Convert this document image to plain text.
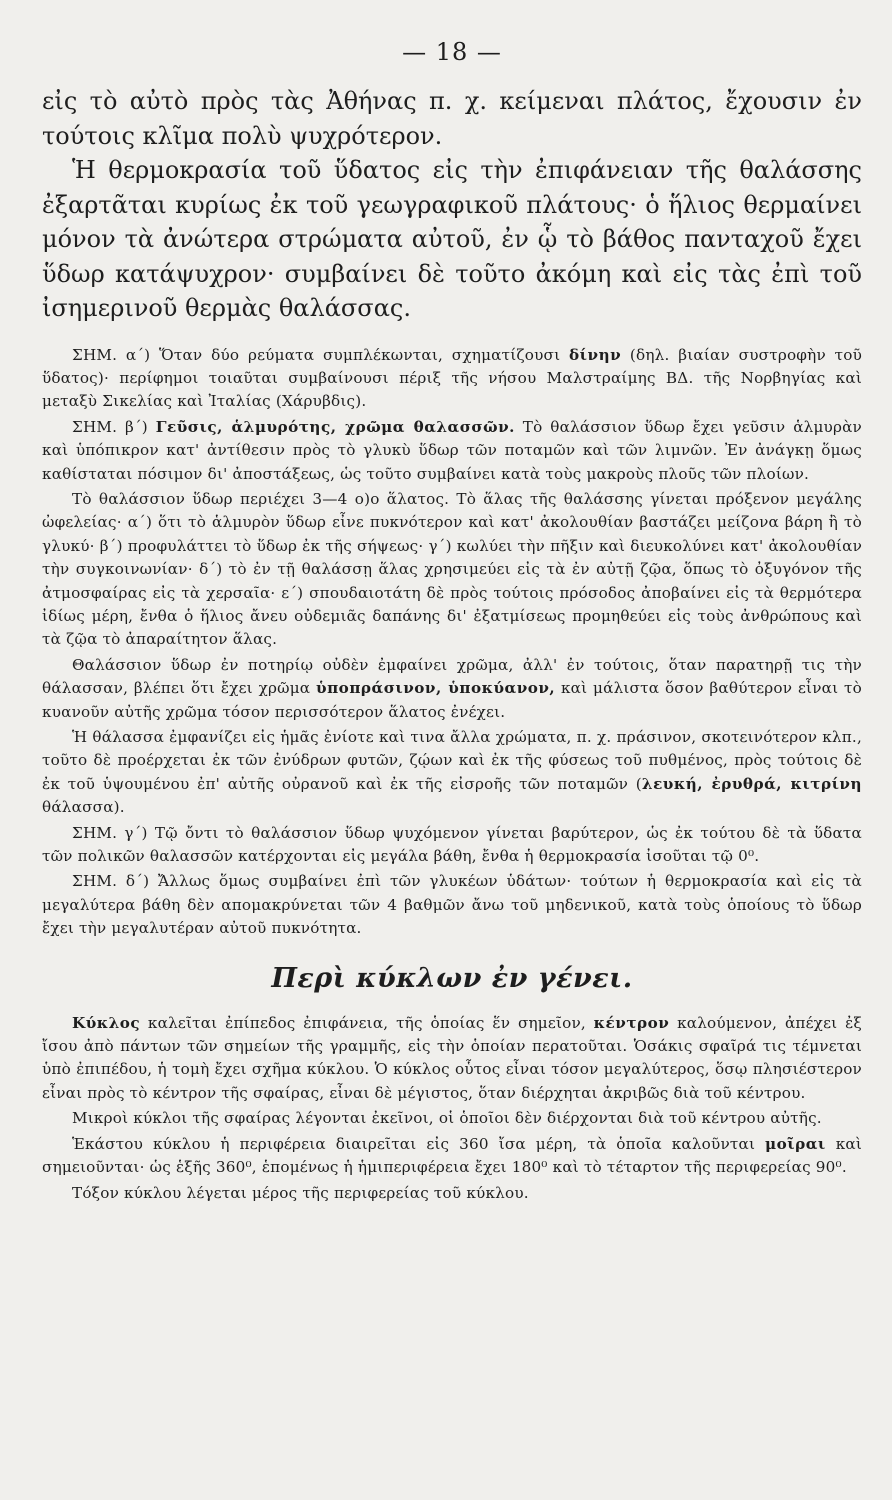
— 18 —

εἰς τὸ αὐτὸ πρὸς τὰς Ἀθήνας π. χ. κείμεναι πλάτος, ἔχουσιν ἐν τούτοις κλῖμα πολὺ ψυχρότερον.

Ἡ θερμοκρασία τοῦ ὕδατος εἰς τὴν ἐπιφάνειαν τῆς θαλάσσης ἐξαρτᾶται κυρίως ἐκ τοῦ γεωγραφικοῦ πλάτους· ὁ ἥλιος θερμαίνει μόνον τὰ ἀνώτερα στρώματα αὐτοῦ, ἐν ᾧ τὸ βάθος πανταχοῦ ἔχει ὕδωρ κατάψυχρον· συμβαίνει δὲ τοῦτο ἀκόμη καὶ εἰς τὰς ἐπὶ τοῦ ἰσημερινοῦ θερμὰς θαλάσσας.

ΣΗΜ. α΄) Ὅταν δύο ρεύματα συμπλέκωνται, σχηματίζουσι δίνην (δηλ. βιαίαν συστροφὴν τοῦ ὕδατος)· περίφημοι τοιαῦται συμβαίνουσι πέριξ τῆς νήσου Μαλστραίμης ΒΔ. τῆς Νορβηγίας καὶ μεταξὺ Σικελίας καὶ Ἰταλίας (Χάρυβδις).

ΣΗΜ. β΄) Γεῦσις, ἁλμυρότης, χρῶμα θαλασσῶν. Τὸ θαλάσσιον ὕδωρ ἔχει γεῦσιν ἁλμυρὰν καὶ ὑπόπικρον κατ' ἀντίθεσιν πρὸς τὸ γλυκὺ ὕδωρ τῶν ποταμῶν καὶ τῶν λιμνῶν. Ἐν ἀνάγκῃ ὅμως καθίσταται πόσιμον δι' ἀποστάξεως, ὡς τοῦτο συμβαίνει κατὰ τοὺς μακροὺς πλοῦς τῶν πλοίων.

Τὸ θαλάσσιον ὕδωρ περιέχει 3—4 ο)ο ἅλατος. Τὸ ἅλας τῆς θαλάσσης γίνεται πρόξενον μεγάλης ὠφελείας· α΄) ὅτι τὸ ἁλμυρὸν ὕδωρ εἶνε πυκνότερον καὶ κατ' ἀκολουθίαν βαστάζει μείζονα βάρη ἢ τὸ γλυκύ· β΄) προφυλάττει τὸ ὕδωρ ἐκ τῆς σήψεως· γ΄) κωλύει τὴν πῆξιν καὶ διευκολύνει κατ' ἀκολουθίαν τὴν συγκοινωνίαν· δ΄) τὸ ἐν τῇ θαλάσσῃ ἅλας χρησιμεύει εἰς τὰ ἐν αὐτῇ ζῷα, ὅπως τὸ ὀξυγόνον τῆς ἀτμοσφαίρας εἰς τὰ χερσαῖα· ε΄) σπουδαιοτάτη δὲ πρὸς τούτοις πρόσοδος ἀποβαίνει εἰς τὰ θερμότερα ἰδίως μέρη, ἔνθα ὁ ἥλιος ἄνευ οὐδεμιᾶς δαπάνης δι' ἐξατμίσεως προμηθεύει εἰς τοὺς ἀνθρώπους καὶ τὰ ζῷα τὸ ἀπαραίτητον ἅλας.

Θαλάσσιον ὕδωρ ἐν ποτηρίῳ οὐδὲν ἐμφαίνει χρῶμα, ἀλλ' ἐν τούτοις, ὅταν παρατηρῇ τις τὴν θάλασσαν, βλέπει ὅτι ἔχει χρῶμα ὑποπράσινον, ὑποκύανον, καὶ μάλιστα ὅσον βαθύτερον εἶναι τὸ κυανοῦν αὐτῆς χρῶμα τόσον περισσότερον ἅλατος ἐνέχει.

Ἡ θάλασσα ἐμφανίζει εἰς ἡμᾶς ἐνίοτε καὶ τινα ἄλλα χρώματα, π. χ. πράσινον, σκοτεινότερον κλπ., τοῦτο δὲ προέρχεται ἐκ τῶν ἐνύδρων φυτῶν, ζῴων καὶ ἐκ τῆς φύσεως τοῦ πυθμένος, πρὸς τούτοις δὲ ἐκ τοῦ ὑψουμένου ἐπ' αὐτῆς οὐρανοῦ καὶ ἐκ τῆς εἰσροῆς τῶν ποταμῶν (λευκή, ἐρυθρά, κιτρίνη θάλασσα).

ΣΗΜ. γ΄) Τῷ ὄντι τὸ θαλάσσιον ὕδωρ ψυχόμενον γίνεται βαρύτερον, ὡς ἐκ τούτου δὲ τὰ ὕδατα τῶν πολικῶν θαλασσῶν κατέρχονται εἰς μεγάλα βάθη, ἔνθα ἡ θερμοκρασία ἰσοῦται τῷ 0⁰.

ΣΗΜ. δ΄) Ἄλλως ὅμως συμβαίνει ἐπὶ τῶν γλυκέων ὑδάτων· τούτων ἡ θερμοκρασία καὶ εἰς τὰ μεγαλύτερα βάθη δὲν απομακρύνεται τῶν 4 βαθμῶν ἄνω τοῦ μηδενικοῦ, κατὰ τοὺς ὁποίους τὸ ὕδωρ ἔχει τὴν μεγαλυτέραν αὐτοῦ πυκνότητα.

Περὶ κύκλων ἐν γένει.

Κύκλος καλεῖται ἐπίπεδος ἐπιφάνεια, τῆς ὁποίας ἕν σημεῖον, κέντρον καλούμενον, ἀπέχει ἐξ ἴσου ἀπὸ πάντων τῶν σημείων τῆς γραμμῆς, εἰς τὴν ὁποίαν περατοῦται. Ὁσάκις σφαῖρά τις τέμνεται ὑπὸ ἐπιπέδου, ἡ τομὴ ἔχει σχῆμα κύκλου. Ὁ κύκλος οὗτος εἶναι τόσον μεγαλύτερος, ὅσῳ πλησιέστερον εἶναι πρὸς τὸ κέντρον τῆς σφαίρας, εἶναι δὲ μέγιστος, ὅταν διέρχηται ἀκριβῶς διὰ τοῦ κέντρου.

Μικροὶ κύκλοι τῆς σφαίρας λέγονται ἐκεῖνοι, οἱ ὁποῖοι δὲν διέρχονται διὰ τοῦ κέντρου αὐτῆς.

Ἑκάστου κύκλου ἡ περιφέρεια διαιρεῖται εἰς 360 ἴσα μέρη, τὰ ὁποῖα καλοῦνται μοῖραι καὶ σημειοῦνται· ὡς ἑξῆς 360⁰, ἑπομένως ἡ ἡμιπεριφέρεια ἔχει 180⁰ καὶ τὸ τέταρτον τῆς περιφερείας 90⁰.

Τόξον κύκλου λέγεται μέρος τῆς περιφερείας τοῦ κύκλου.
